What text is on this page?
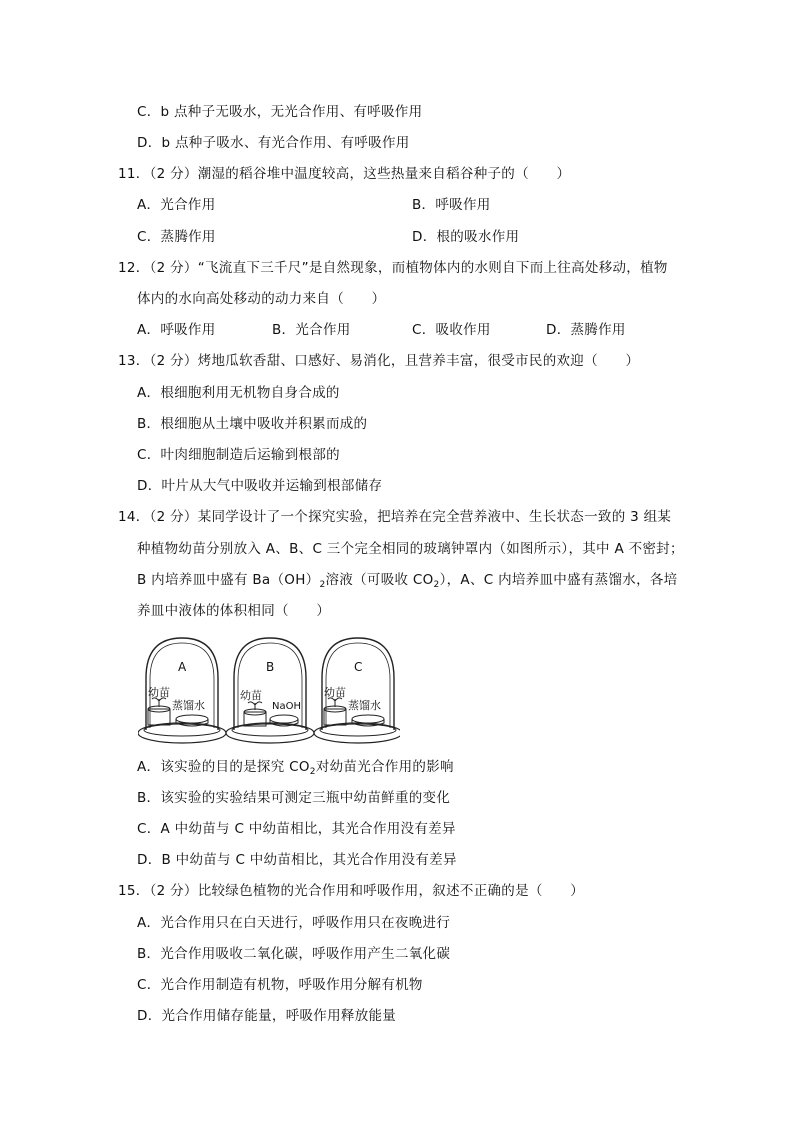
C．b 点种子无吸水，无光合作用、有呼吸作用
D．b 点种子吸水、有光合作用、有呼吸作用
11．（2 分）潮湿的稻谷堆中温度较高，这些热量来自稻谷种子的（　　）
A．光合作用	B．呼吸作用
C．蒸腾作用	D．根的吸水作用
12．（2 分）“飞流直下三千尺”是自然现象，而植物体内的水则自下而上往高处移动，植物
体内的水向高处移动的动力来自（　　）
A．呼吸作用	B．光合作用	C．吸收作用	D．蒸腾作用
13．（2 分）烤地瓜软香甜、口感好、易消化，且营养丰富，很受市民的欢迎（　　）
A．根细胞利用无机物自身合成的
B．根细胞从土壤中吸收并积累而成的
C．叶肉细胞制造后运输到根部的
D．叶片从大气中吸收并运输到根部储存
14．（2 分）某同学设计了一个探究实验，把培养在完全营养液中、生长状态一致的 3 组某
种植物幼苗分别放入 A、B、C 三个完全相同的玻璃钟罩内（如图所示），其中 A 不密封；
B 内培养皿中盛有 $Ba(OH)_2$溶液（可吸收 $CO_2$），A、C 内培养皿中盛有蒸馏水，各培
养皿中液体的体积相同（　　）
A
幼苗
蒸馏水
B
幼苗
NaOH
C
幼苗
蒸馏水
A．该实验的目的是探究 $CO_2$对幼苗光合作用的影响
B．该实验的实验结果可测定三瓶中幼苗鲜重的变化
C．A 中幼苗与 C 中幼苗相比，其光合作用没有差异
D．B 中幼苗与 C 中幼苗相比，其光合作用没有差异
15．（2 分）比较绿色植物的光合作用和呼吸作用，叙述不正确的是（　　）
A．光合作用只在白天进行，呼吸作用只在夜晚进行
B．光合作用吸收二氧化碳，呼吸作用产生二氧化碳
C．光合作用制造有机物，呼吸作用分解有机物
D．光合作用储存能量，呼吸作用释放能量
